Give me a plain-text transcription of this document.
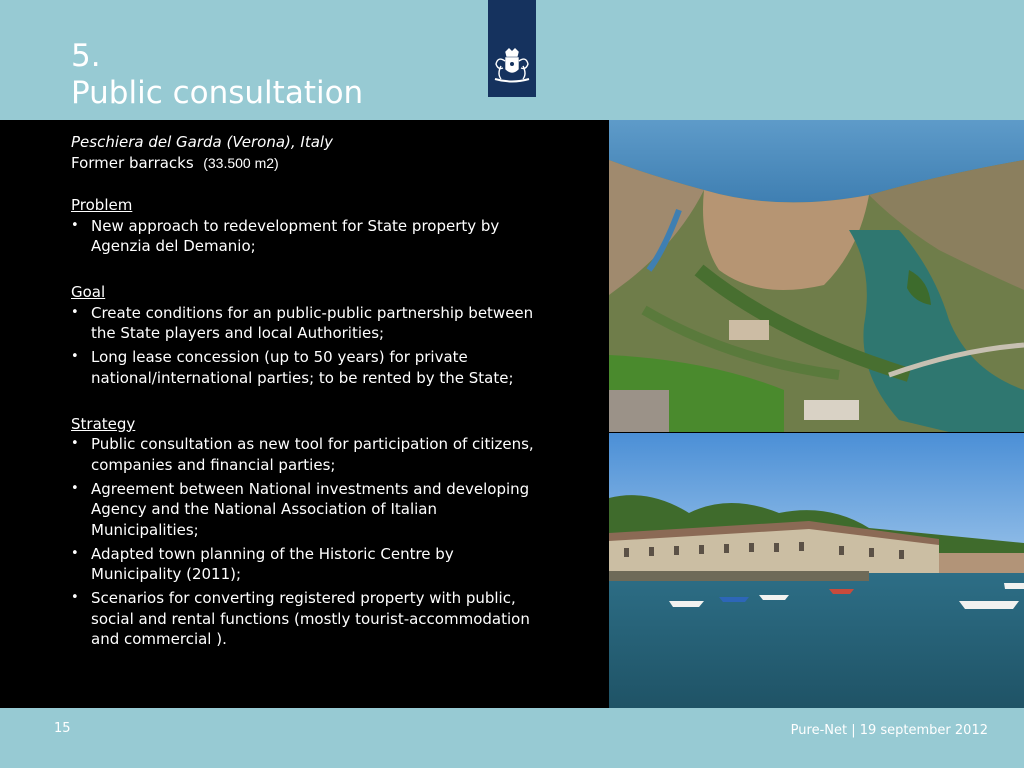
5.
Public consultation

Peschiera del Garda (Verona), Italy

Former barracks (33.500 m2)

Problem

• New approach to redevelopment for State property by Agenzia del Demanio;

Goal

• Create conditions for an public-public partnership between the State players and local Authorities;
• Long lease concession (up to 50 years) for private national/international parties; to be rented by the State;

Strategy

• Public consultation as new tool for participation of citizens, companies and financial parties;
• Agreement between National investments and developing Agency and the National Association of Italian Municipalities;
• Adapted town planning of the Historic Centre by Municipality (2011);
• Scenarios for converting registered property with public, social and rental functions (mostly tourist-accommodation and commercial ).
15	Pure-Net | 19 september 2012
